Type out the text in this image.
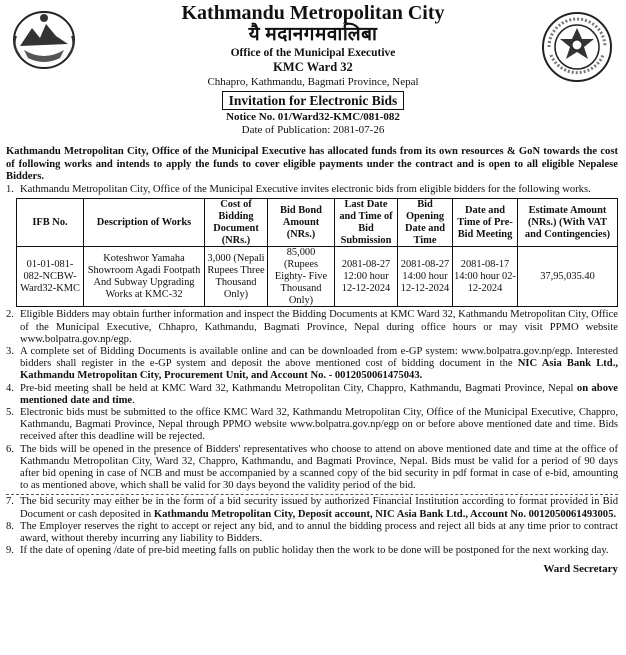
Kathmandu Metropolitan City
यै मदानगमवालिबा
Office of the Municipal Executive
KMC Ward 32
Chhapro, Kathmandu, Bagmati Province, Nepal
Invitation for Electronic Bids
Notice No. 01/Ward32-KMC/081-082
Date of Publication: 2081-07-26
Kathmandu Metropolitan City, Office of the Municipal Executive has allocated funds from its own resources & GoN towards the cost of following works and intends to apply the funds to cover eligible payments under the contract and is open to all eligible Nepalese Bidders.
1. Kathmandu Metropolitan City, Office of the Municipal Executive invites electronic bids from eligible bidders for the following works.
IFB No.	Description of Works	Cost of Bidding Document (NRs.)	Bid Bond Amount (NRs.)	Last Date and Time of Bid Submission	Bid Opening Date and Time	Date and Time of Pre-Bid Meeting	Estimate Amount (NRs.) (With VAT and Contingencies)
01-01-081-082-NCBW-Ward32-KMC	Koteshwor Yamaha Showroom Agadi Footpath And Subway Upgrading Works at KMC-32	3,000 (Nepali Rupees Three Thousand Only)	85,000 (Rupees Eighty- Five Thousand Only)	2081-08-27 12:00 hour 12-12-2024	2081-08-27 14:00 hour 12-12-2024	2081-08-17 14:00 hour 02-12-2024	37,95,035.40
2. Eligible Bidders may obtain further information and inspect the Bidding Documents at KMC Ward 32, Kathmandu Metropolitan City, Office of the Municipal Executive, Chhapro, Kathmandu, Bagmati Province, Nepal during office hours or may visit PPMO website www.bolpatra.gov.np/egp.
3. A complete set of Bidding Documents is available online and can be downloaded from e-GP system: www.bolpatra.gov.np/egp. Interested bidders shall register in the e-GP system and deposit the above mentioned cost of bidding document in the NIC Asia Bank Ltd., Kathmandu Metropolitan City, Procurement Unit, and Account No. - 0012050061475043.
4. Pre-bid meeting shall be held at KMC Ward 32, Kathmandu Metropolitan City, Chappro, Kathmandu, Bagmati Province, Nepal on above mentioned date and time.
5. Electronic bids must be submitted to the office KMC Ward 32, Kathmandu Metropolitan City, Office of the Municipal Executive, Chappro, Kathmandu, Bagmati Province, Nepal through PPMO website www.bolpatra.gov.np/egp on or before above mentioned date and time. Bids received after this deadline will be rejected.
6. The bids will be opened in the presence of Bidders' representatives who choose to attend on above mentioned date and time at the office of Kathmandu Metropolitan City, Ward 32, Chappro, Kathmandu, and Bagmati Province, Nepal. Bids must be valid for a period of 90 days after bid opening in case of NCB and must be accompanied by a scanned copy of the bid security in pdf format in case of e-bid, amounting to as mentioned above, which shall be valid for 30 days beyond the validity period of the bid.
7. The bid security may either be in the form of a bid security issued by authorized Financial Institution according to format provided in Bid Document or cash deposited in Kathmandu Metropolitan City, Deposit account, NIC Asia Bank Ltd., Account No. 0012050061493005.
8. The Employer reserves the right to accept or reject any bid, and to annul the bidding process and reject all bids at any time prior to contract award, without thereby incurring any liability to Bidders.
9. If the date of opening /date of pre-bid meeting falls on public holiday then the work to be done will be postponed for the next working day.
Ward Secretary
